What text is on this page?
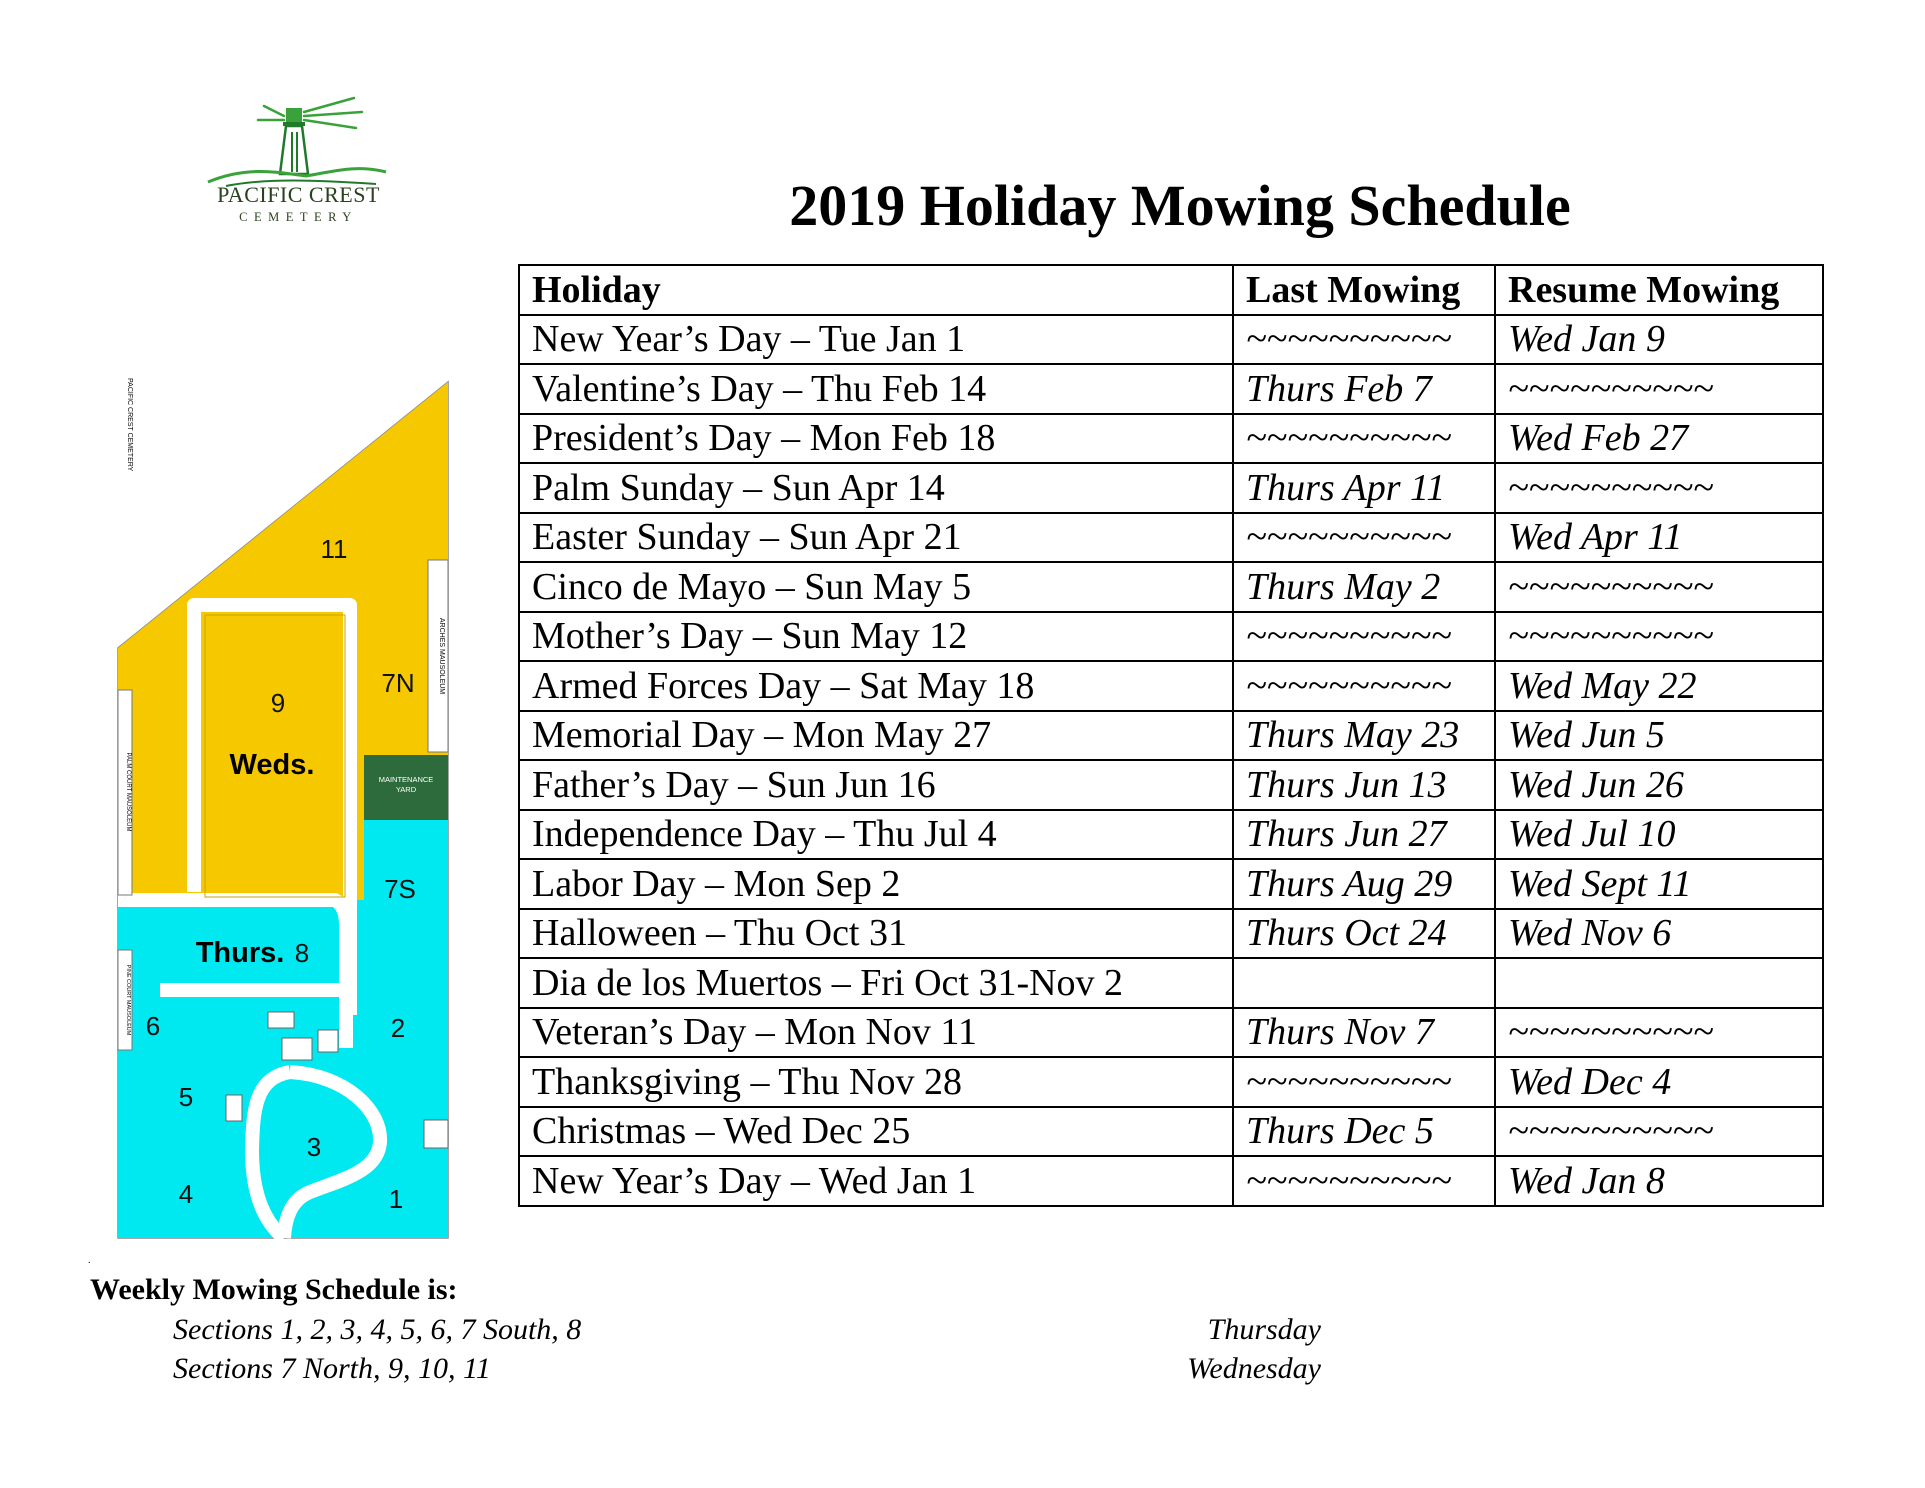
PACIFIC CREST
CEMETERY	2019 Holiday Mowing Schedule
Holiday	Last Mowing	Resume Mowing
New Year’s Day – Tue Jan 1	~~~~~~~~~~	Wed Jan 9
Valentine’s Day – Thu Feb 14	Thurs Feb 7	~~~~~~~~~~
President’s Day – Mon Feb 18	~~~~~~~~~~	Wed Feb 27
Palm Sunday – Sun Apr 14	Thurs Apr 11	~~~~~~~~~~
Easter Sunday – Sun Apr 21	~~~~~~~~~~	Wed Apr 11
Cinco de Mayo – Sun May 5	Thurs May 2	~~~~~~~~~~
Mother’s Day – Sun May 12	~~~~~~~~~~	~~~~~~~~~~
Armed Forces Day – Sat May 18	~~~~~~~~~~	Wed May 22
Memorial Day – Mon May 27	Thurs May 23	Wed Jun 5
Father’s Day – Sun Jun 16	Thurs Jun 13	Wed Jun 26
Independence Day – Thu Jul 4	Thurs Jun 27	Wed Jul 10
Labor Day – Mon Sep 2	Thurs Aug 29	Wed Sept 11
Halloween – Thu Oct 31	Thurs Oct 24	Wed Nov 6
Dia de los Muertos – Fri Oct 31-Nov 2		
Veteran’s Day – Mon Nov 11	Thurs Nov 7	~~~~~~~~~~
Thanksgiving – Thu Nov 28	~~~~~~~~~~	Wed Dec 4
Christmas – Wed Dec 25	Thurs Dec 5	~~~~~~~~~~
New Year’s Day – Wed Jan 1	~~~~~~~~~~	Wed Jan 8
MAINTENANCE
YARD
ARCHES MAUSOLEUM
PALM COURT MAUSOLEUM
PINE COURT MAUSOLEUM
PACIFIC CREST CEMETERY
11
9
7N
7S
8
6
5
4
3
2
1
Weds.
Thurs.
.
Weekly Mowing Schedule is:
Sections 1, 2, 3, 4, 5, 6, 7 South, 8	Thursday
Sections 7 North, 9, 10, 11	Wednesday
